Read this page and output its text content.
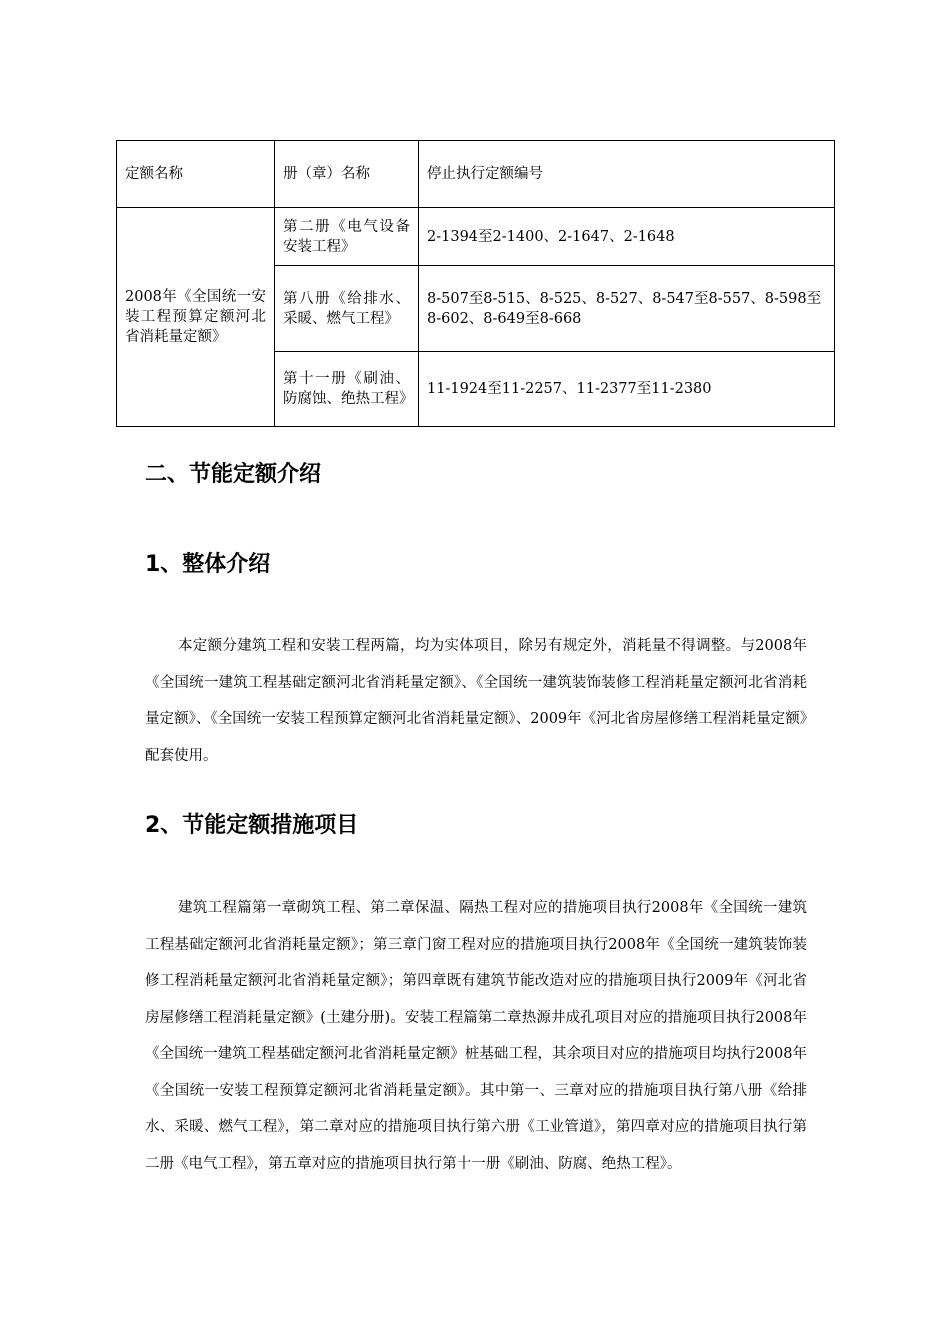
定额名称	册（章）名称	停止执行定额编号
2008年《全国统一安装工程预算定额河北省消耗量定额》	第二册《电气设备安装工程》	2-1394至2-1400、2-1647、2-1648
	第八册《给排水、采暖、燃气工程》	8-507至8-515、8-525、8-527、8-547至8-557、8-598至8-602、8-649至8-668
	第十一册《刷油、防腐蚀、绝热工程》	11-1924至11-2257、11-2377至11-2380
二、节能定额介绍
1、整体介绍

本定额分建筑工程和安装工程两篇，均为实体项目，除另有规定外，消耗量不得调整。与2008年《全国统一建筑工程基础定额河北省消耗量定额》、《全国统一建筑装饰装修工程消耗量定额河北省消耗量定额》、《全国统一安装工程预算定额河北省消耗量定额》、2009年《河北省房屋修缮工程消耗量定额》配套使用。

2、节能定额措施项目

建筑工程篇第一章砌筑工程、第二章保温、隔热工程对应的措施项目执行2008年《全国统一建筑工程基础定额河北省消耗量定额》；第三章门窗工程对应的措施项目执行2008年《全国统一建筑装饰装修工程消耗量定额河北省消耗量定额》；第四章既有建筑节能改造对应的措施项目执行2009年《河北省房屋修缮工程消耗量定额》(土建分册)。安装工程篇第二章热源井成孔项目对应的措施项目执行2008年《全国统一建筑工程基础定额河北省消耗量定额》桩基础工程，其余项目对应的措施项目均执行2008年《全国统一安装工程预算定额河北省消耗量定额》。其中第一、三章对应的措施项目执行第八册《给排水、采暖、燃气工程》，第二章对应的措施项目执行第六册《工业管道》，第四章对应的措施项目执行第二册《电气工程》，第五章对应的措施项目执行第十一册《刷油、防腐、绝热工程》。
